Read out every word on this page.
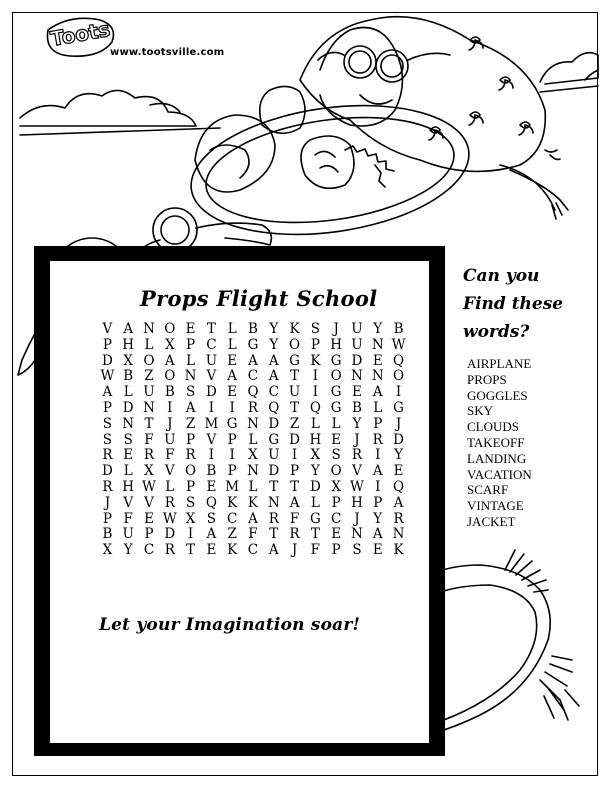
Toots
www.tootsville.com
Props Flight School
V A N O E T L B Y K S J U Y B
P H L X P C L G Y O P H U N W
D X O A L U E A A G K G D E Q
W B Z O N V A C A T	I O N N O
A L U B S D E Q C U I G E A I
P D N I A I	I R Q T Q G B L G
S N T	J Z M G N D Z L L Y P	J
S S F U P V P L G D H E J R D
R E R F R I	I X U I X S R I	Y
D L X V O B P N D P Y O V A E
R H W L P E M L T T D X W I Q
J V V R S Q K K N A L P H P A
P F E W X S C A R F G C J	Y R
B U P D I A Z F T R T E N A N
X Y C R T E K C A J F P S E K
Let your Imagination soar!
Can you
Find these
words?
AIRPLANE
PROPS
GOGGLES
SKY
CLOUDS
TAKEOFF
LANDING
VACATION
SCARF
VINTAGE
JACKET
